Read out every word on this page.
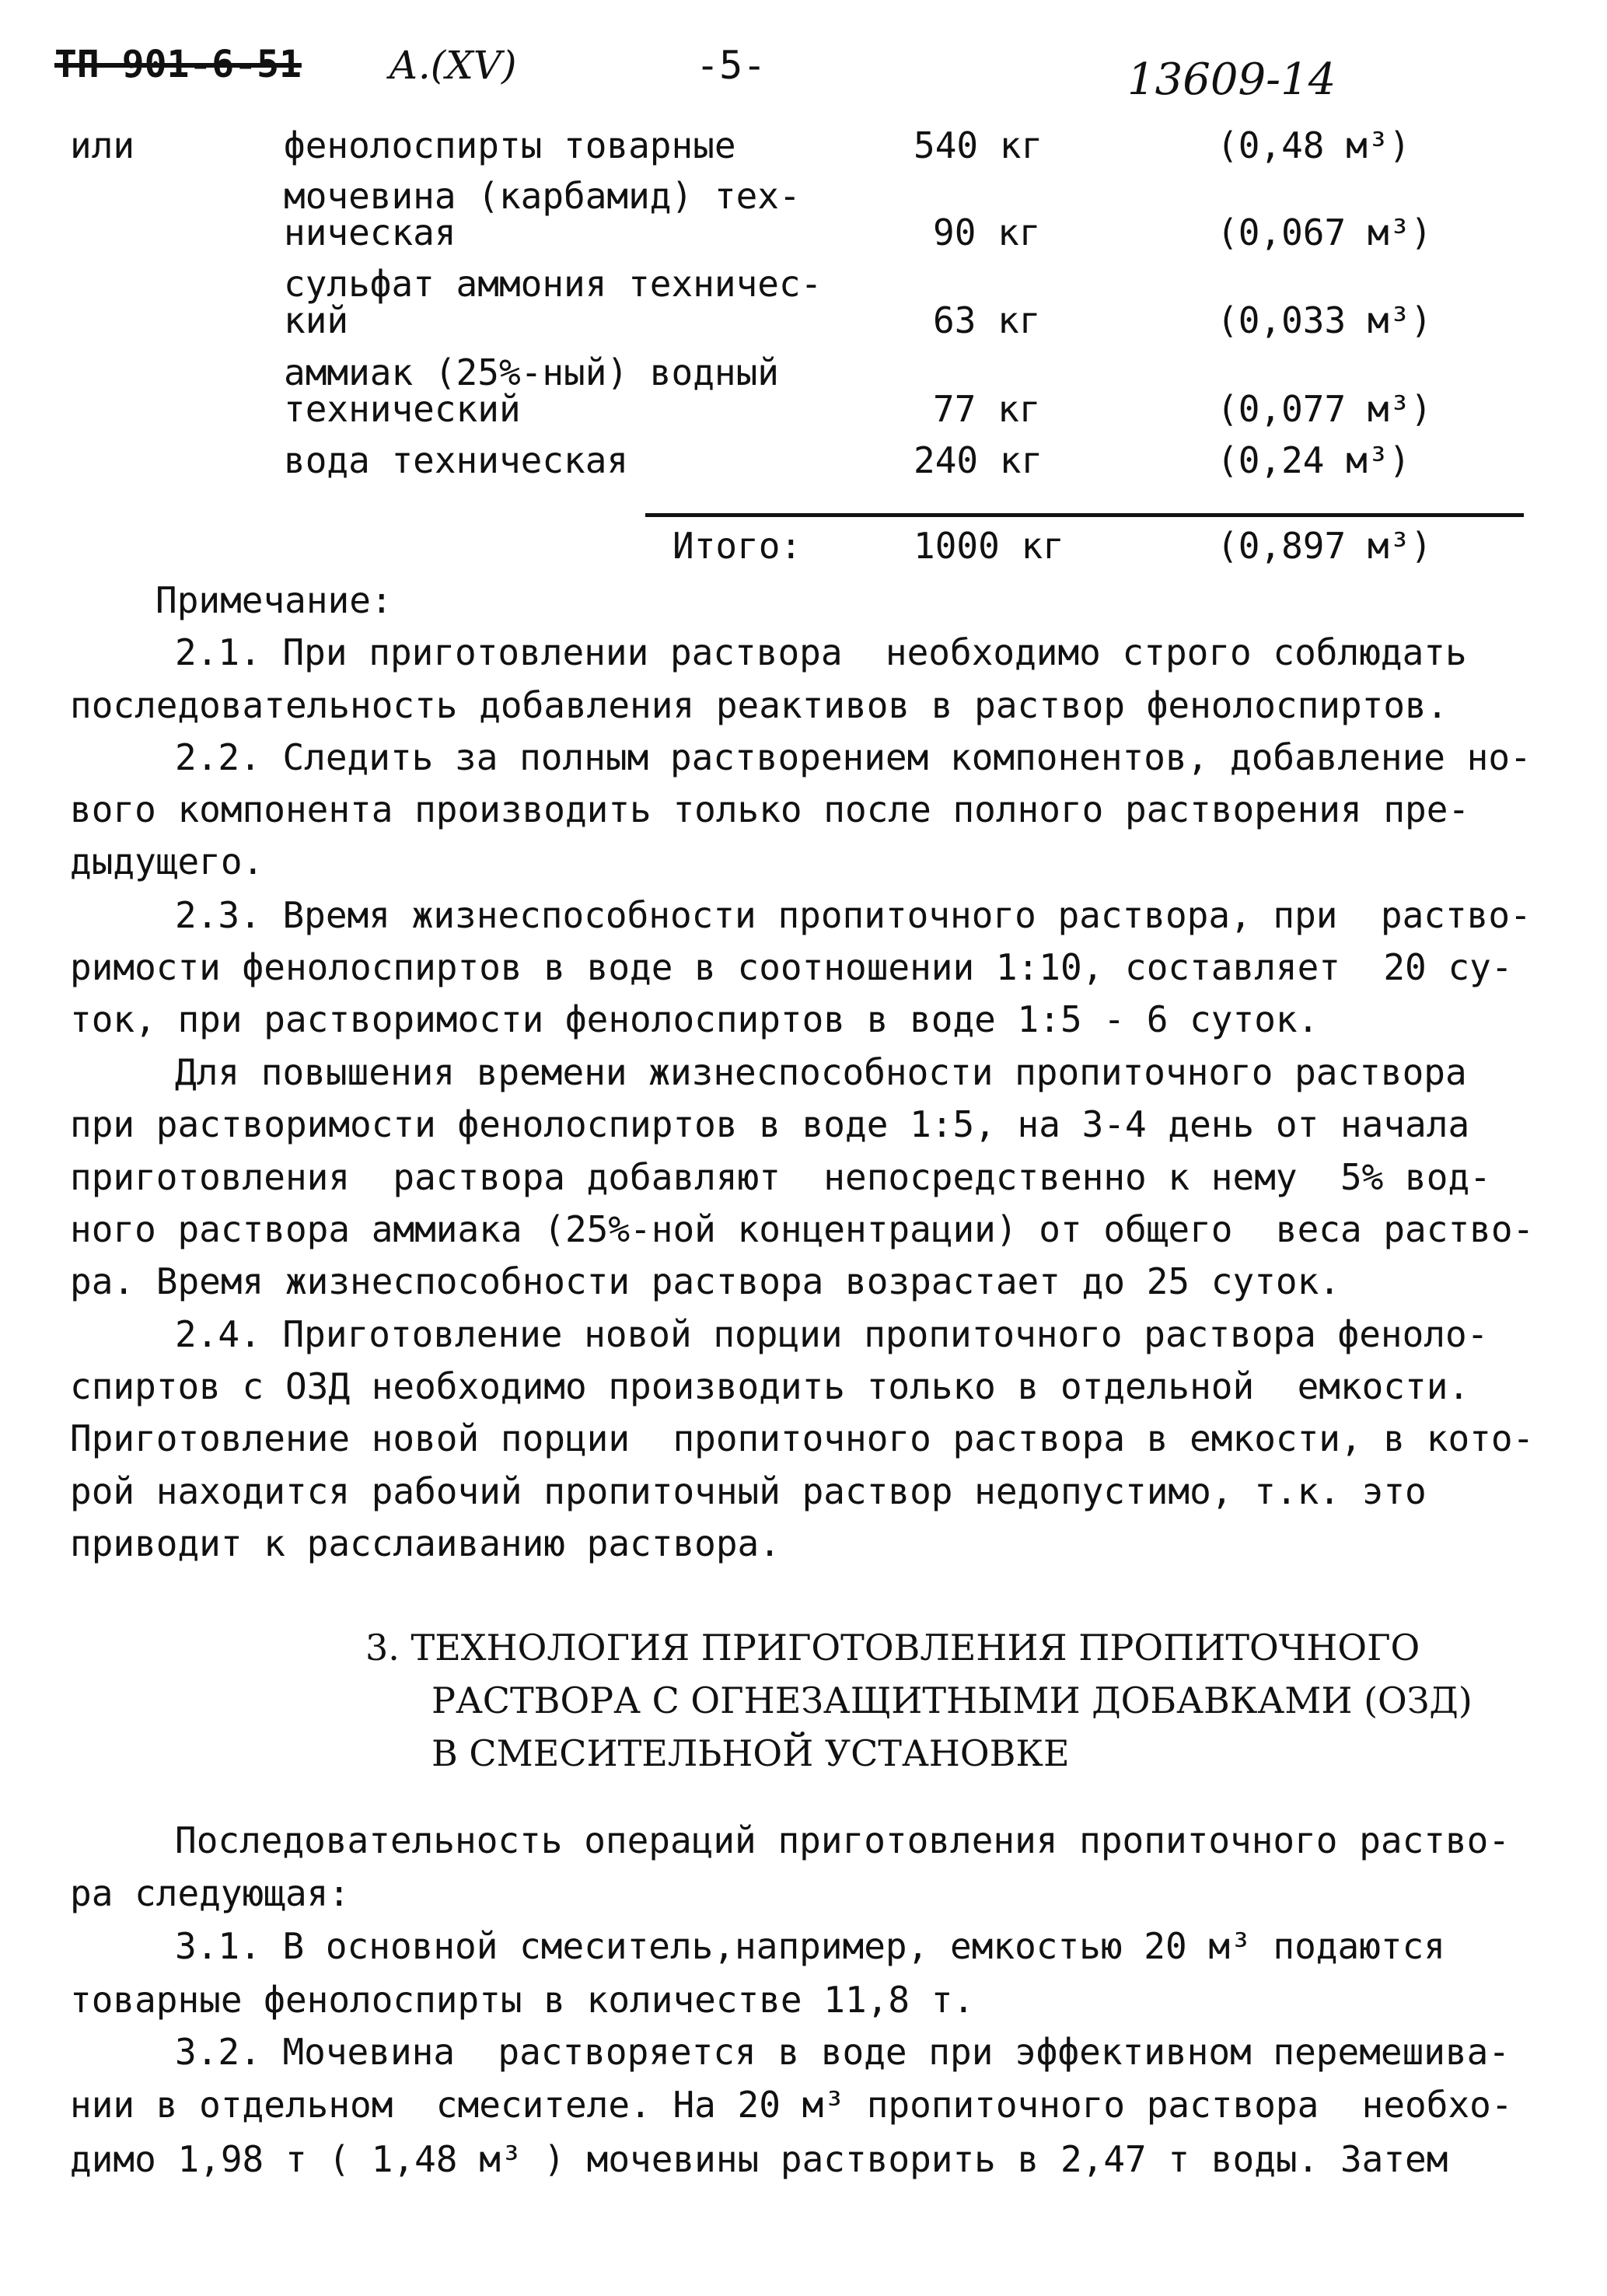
ТП 901-6-51 А.(XV)	-5-	13609-14
или	фенолоспирты товарные	540 кг	(0,48 м³)
мочевина (карбамид) тех-
ническая	90 кг	(0,067 м³)
сульфат аммония техничес-
кий	63 кг	(0,033 м³)
аммиак (25%-ный) водный
технический	77 кг	(0,077 м³)
вода техническая	240 кг	(0,24 м³)
Итого:	1000 кг	(0,897 м³)
Примечание:
2.1. При приготовлении раствора  необходимо строго соблюдать
последовательность добавления реактивов в раствор фенолоспиртов.
2.2. Следить за полным растворением компонентов, добавление но-
вого компонента производить только после полного растворения пре-
дыдущего.
2.3. Время жизнеспособности пропиточного раствора, при  раство-
римости фенолоспиртов в воде в соотношении 1:10, составляет  20 су-
ток, при растворимости фенолоспиртов в воде 1:5 - 6 суток.
Для повышения времени жизнеспособности пропиточного раствора
при растворимости фенолоспиртов в воде 1:5, на 3-4 день от начала
приготовления  раствора добавляют  непосредственно к нему  5% вод-
ного раствора аммиака (25%-ной концентрации) от общего  веса раство-
ра. Время жизнеспособности раствора возрастает до 25 суток.
2.4. Приготовление новой порции пропиточного раствора феноло-
спиртов с ОЗД необходимо производить только в отдельной  емкости.
Приготовление новой порции  пропиточного раствора в емкости, в кото-
рой находится рабочий пропиточный раствор недопустимо, т.к. это
приводит к расслаиванию раствора.
3. ТЕХНОЛОГИЯ ПРИГОТОВЛЕНИЯ ПРОПИТОЧНОГО
РАСТВОРА С ОГНЕЗАЩИТНЫМИ ДОБАВКАМИ (ОЗД)
В СМЕСИТЕЛЬНОЙ УСТАНОВКЕ
Последовательность операций приготовления пропиточного раство-
ра следующая:
3.1. В основной смеситель,например, емкостью 20 м³ подаются
товарные фенолоспирты в количестве 11,8 т.
3.2. Мочевина  растворяется в воде при эффективном перемешива-
нии в отдельном  смесителе. На 20 м³ пропиточного раствора  необхо-
димо 1,98 т ( 1,48 м³ ) мочевины растворить в 2,47 т воды. Затем
